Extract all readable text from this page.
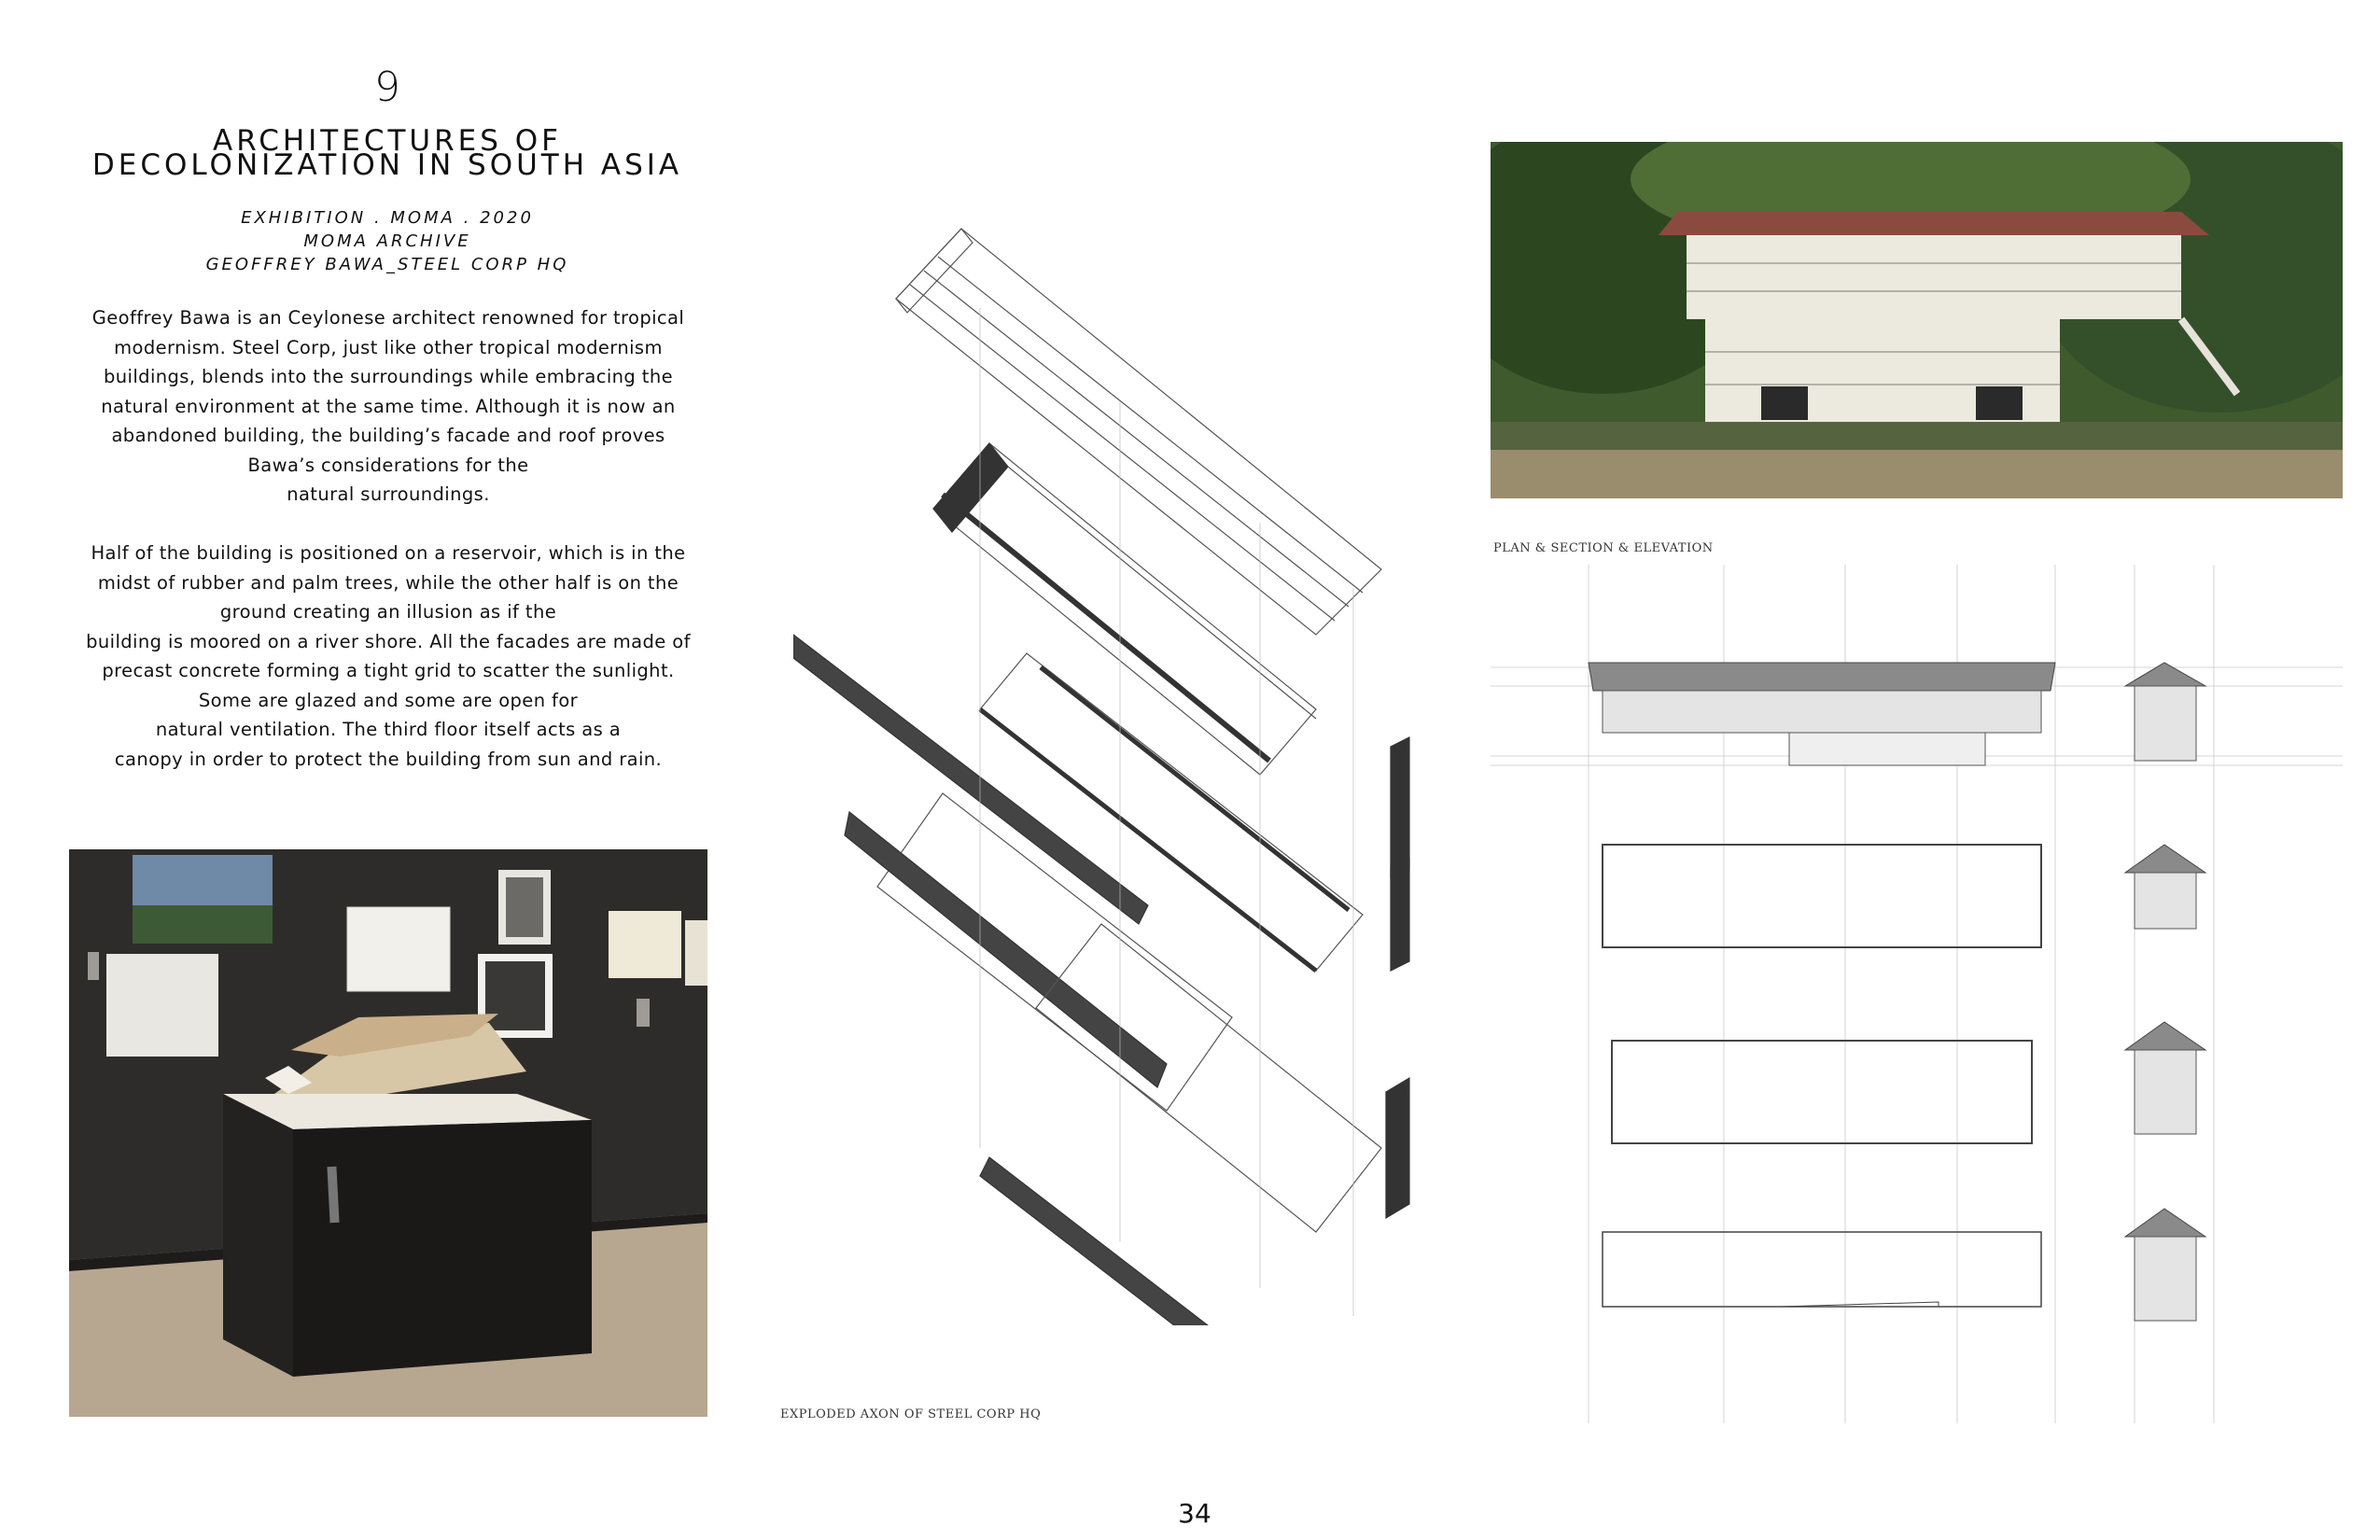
9
ARCHITECTURES OF
DECOLONIZATION IN SOUTH ASIA
EXHIBITION . MOMA . 2020
MOMA ARCHIVE
GEOFFREY BAWA_STEEL CORP HQ
Geoffrey Bawa is an Ceylonese architect renowned for tropical
modernism. Steel Corp, just like other tropical modernism
buildings, blends into the surroundings while embracing the
natural environment at the same time. Although it is now an
abandoned building, the building’s facade and roof proves
Bawa’s considerations for the
natural surroundings.
Half of the building is positioned on a reservoir, which is in the
midst of rubber and palm trees, while the other half is on the
ground creating an illusion as if the
building is moored on a river shore. All the facades are made of
precast concrete forming a tight grid to scatter the sunlight.
Some are glazed and some are open for
natural ventilation. The third floor itself acts as a
canopy in order to protect the building from sun and rain.
EXPLODED AXON OF STEEL CORP HQ
PLAN & SECTION & ELEVATION
34
